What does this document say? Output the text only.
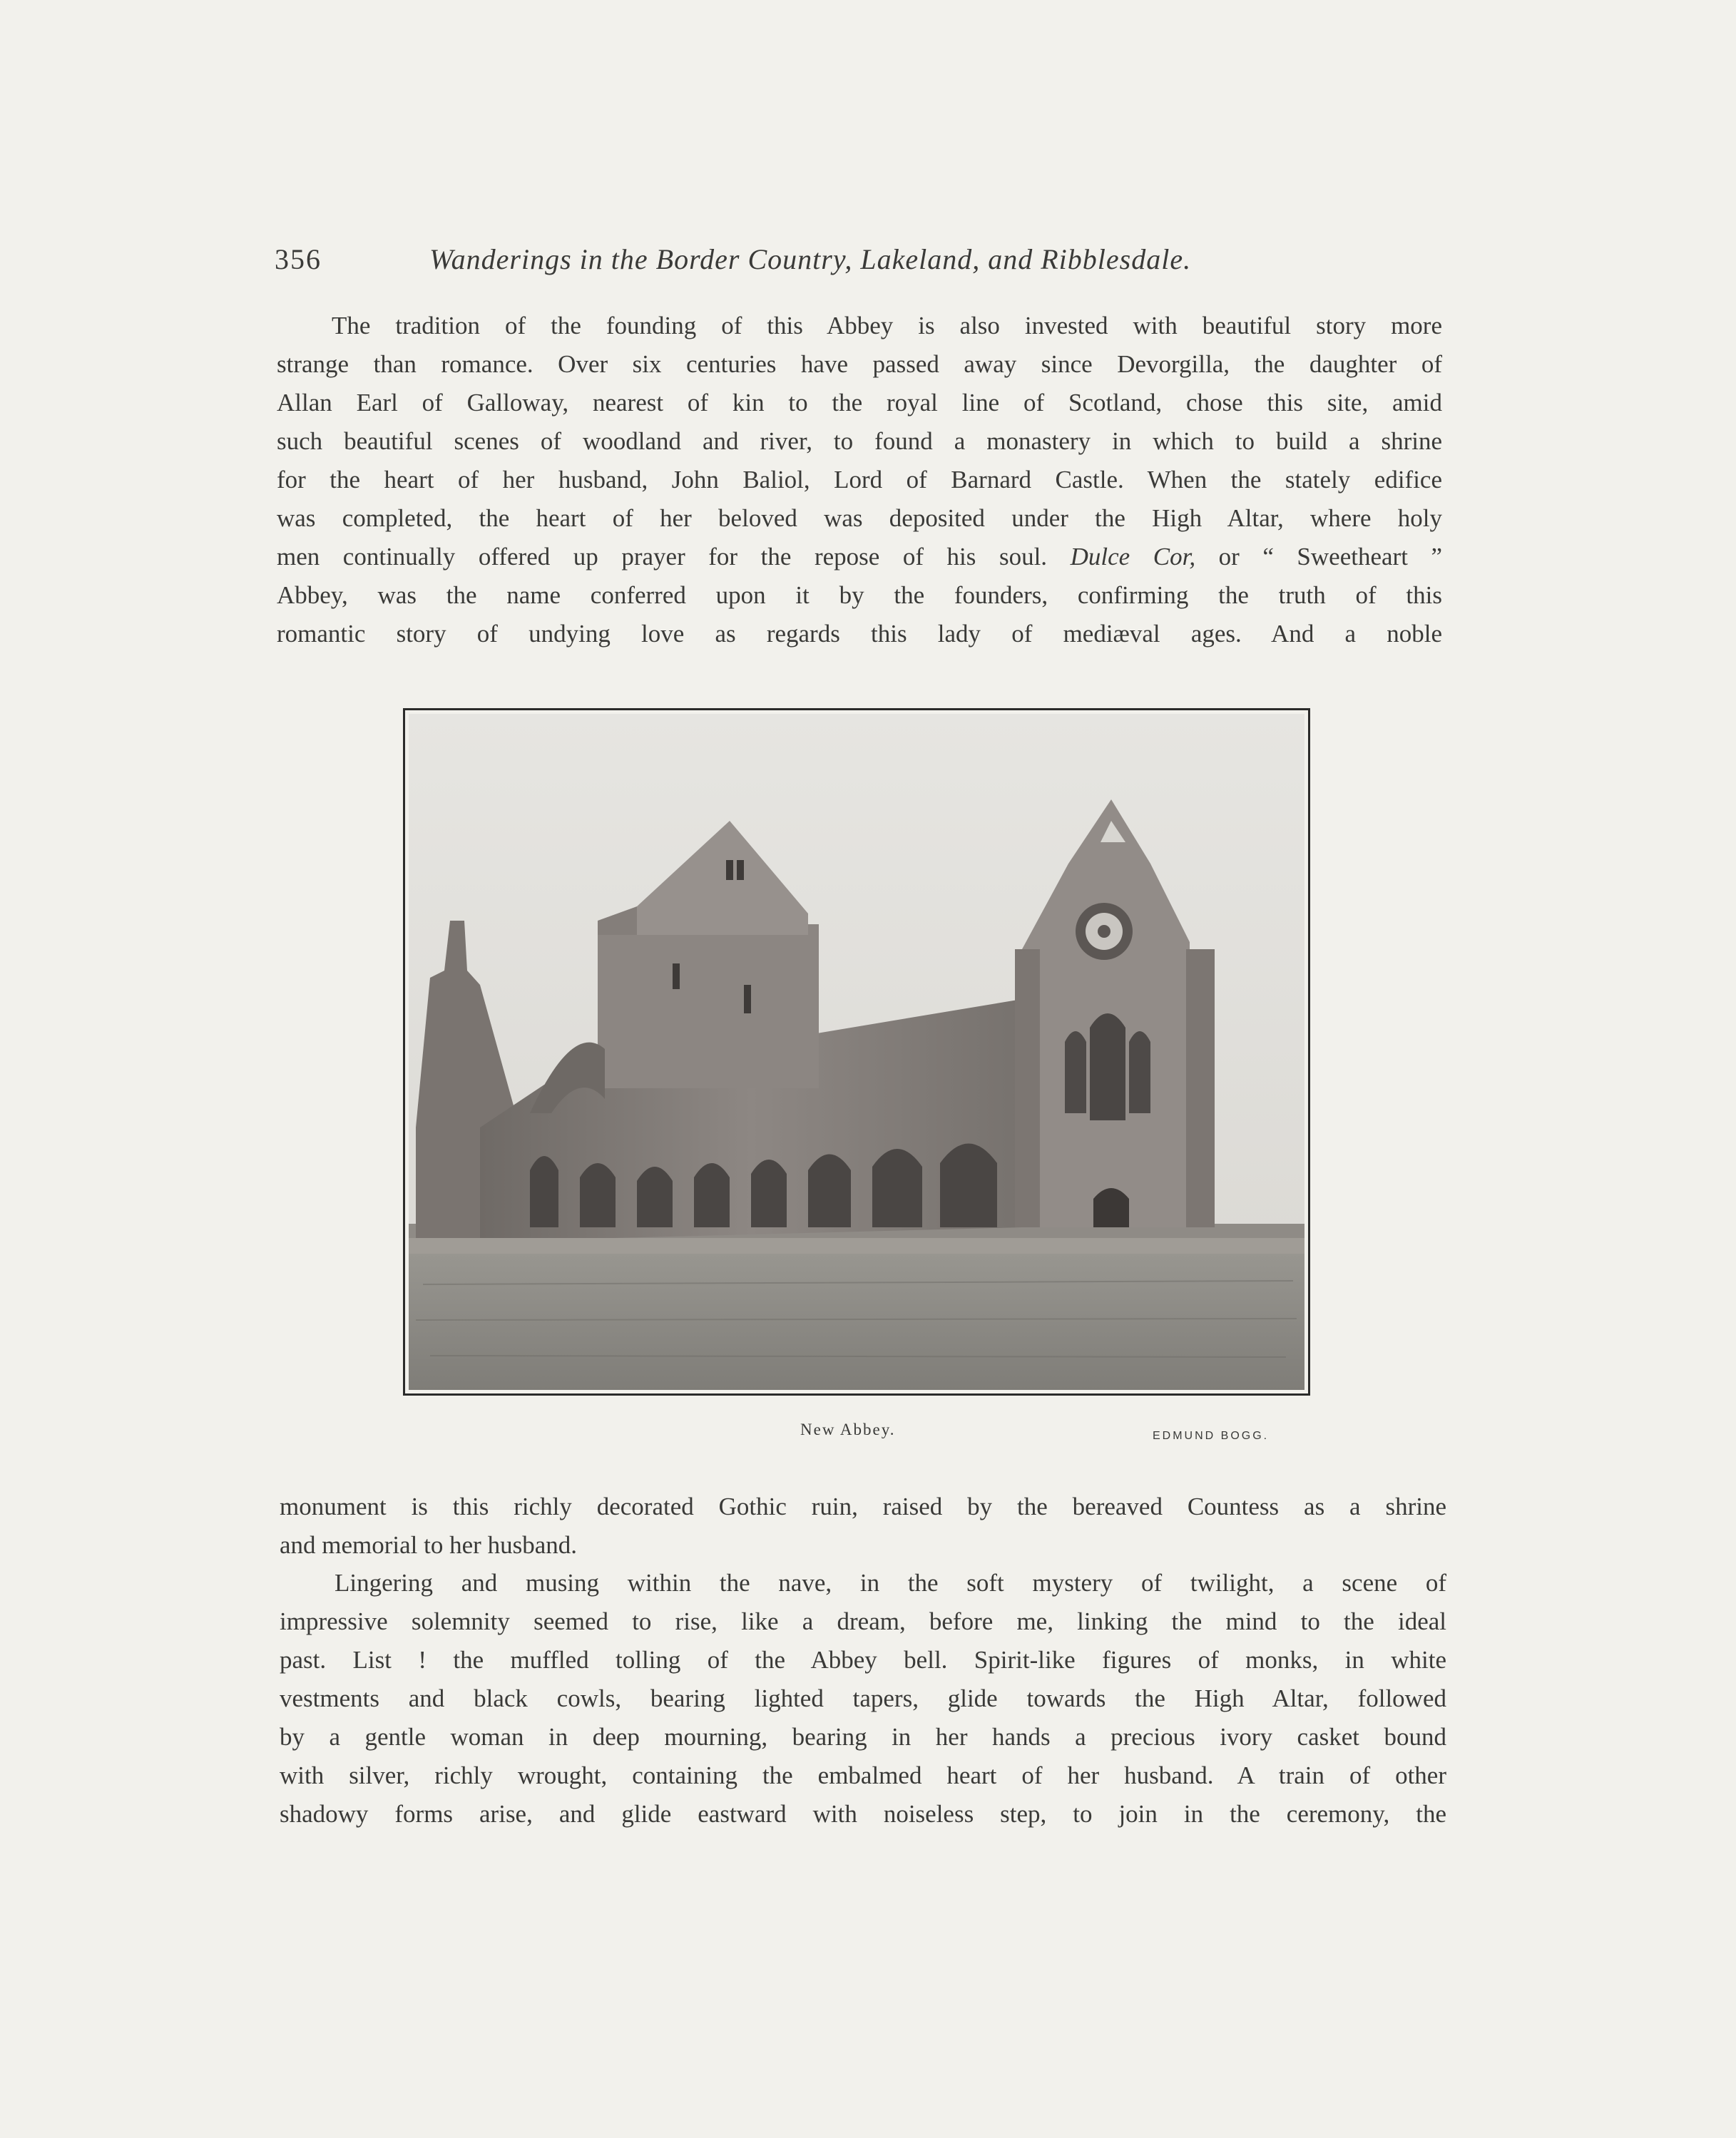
356	Wanderings in the Border Country, Lakeland, and Ribblesdale.
The tradition of the founding of this Abbey is also invested with beautiful story more
strange than romance. Over six centuries have passed away since Devorgilla, the daughter of
Allan Earl of Galloway, nearest of kin to the royal line of Scotland, chose this site, amid
such beautiful scenes of woodland and river, to found a monastery in which to build a shrine
for the heart of her husband, John Baliol, Lord of Barnard Castle. When the stately edifice
was completed, the heart of her beloved was deposited under the High Altar, where holy
men continually offered up prayer for the repose of his soul. Dulce Cor, or “ Sweetheart ”
Abbey, was the name conferred upon it by the founders, confirming the truth of this
romantic story of undying love as regards this lady of mediæval ages. And a noble
New Abbey.	EDMUND BOGG.
monument is this richly decorated Gothic ruin, raised by the bereaved Countess as a shrine
and memorial to her husband.
Lingering and musing within the nave, in the soft mystery of twilight, a scene of
impressive solemnity seemed to rise, like a dream, before me, linking the mind to the ideal
past. List ! the muffled tolling of the Abbey bell. Spirit-like figures of monks, in white
vestments and black cowls, bearing lighted tapers, glide towards the High Altar, followed
by a gentle woman in deep mourning, bearing in her hands a precious ivory casket bound
with silver, richly wrought, containing the embalmed heart of her husband. A train of other
shadowy forms arise, and glide eastward with noiseless step, to join in the ceremony, the
